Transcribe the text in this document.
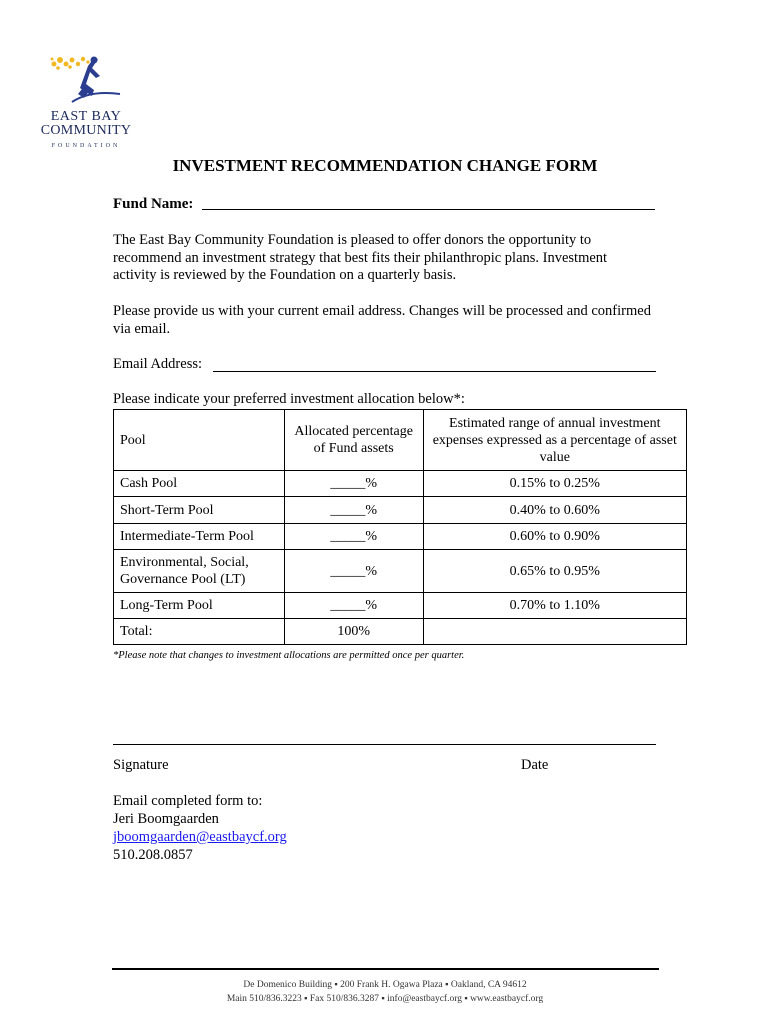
EAST BAY
COMMUNITY
FOUNDATION
INVESTMENT RECOMMENDATION CHANGE FORM
Fund Name:
The East Bay Community Foundation is pleased to offer donors the opportunity to recommend an investment strategy that best fits their philanthropic plans. Investment activity is reviewed by the Foundation on a quarterly basis.
Please provide us with your current email address. Changes will be processed and confirmed via email.
Email Address:
Please indicate your preferred investment allocation below*:
Pool	Allocated percentage of Fund assets	Estimated range of annual investment expenses expressed as a percentage of asset value
Cash Pool	_____%	0.15% to 0.25%
Short-Term Pool	_____%	0.40% to 0.60%
Intermediate-Term Pool	_____%	0.60% to 0.90%
Environmental, Social, Governance Pool (LT)	_____%	0.65% to 0.95%
Long-Term Pool	_____%	0.70% to 1.10%
Total:	100%	
*Please note that changes to investment allocations are permitted once per quarter.
Signature	Date
Email completed form to:
Jeri Boomgaarden
jboomgaarden@eastbaycf.org
510.208.0857
De Domenico Building ▪ 200 Frank H. Ogawa Plaza ▪ Oakland, CA 94612
Main 510/836.3223 ▪ Fax 510/836.3287 ▪ info@eastbaycf.org ▪ www.eastbaycf.org
